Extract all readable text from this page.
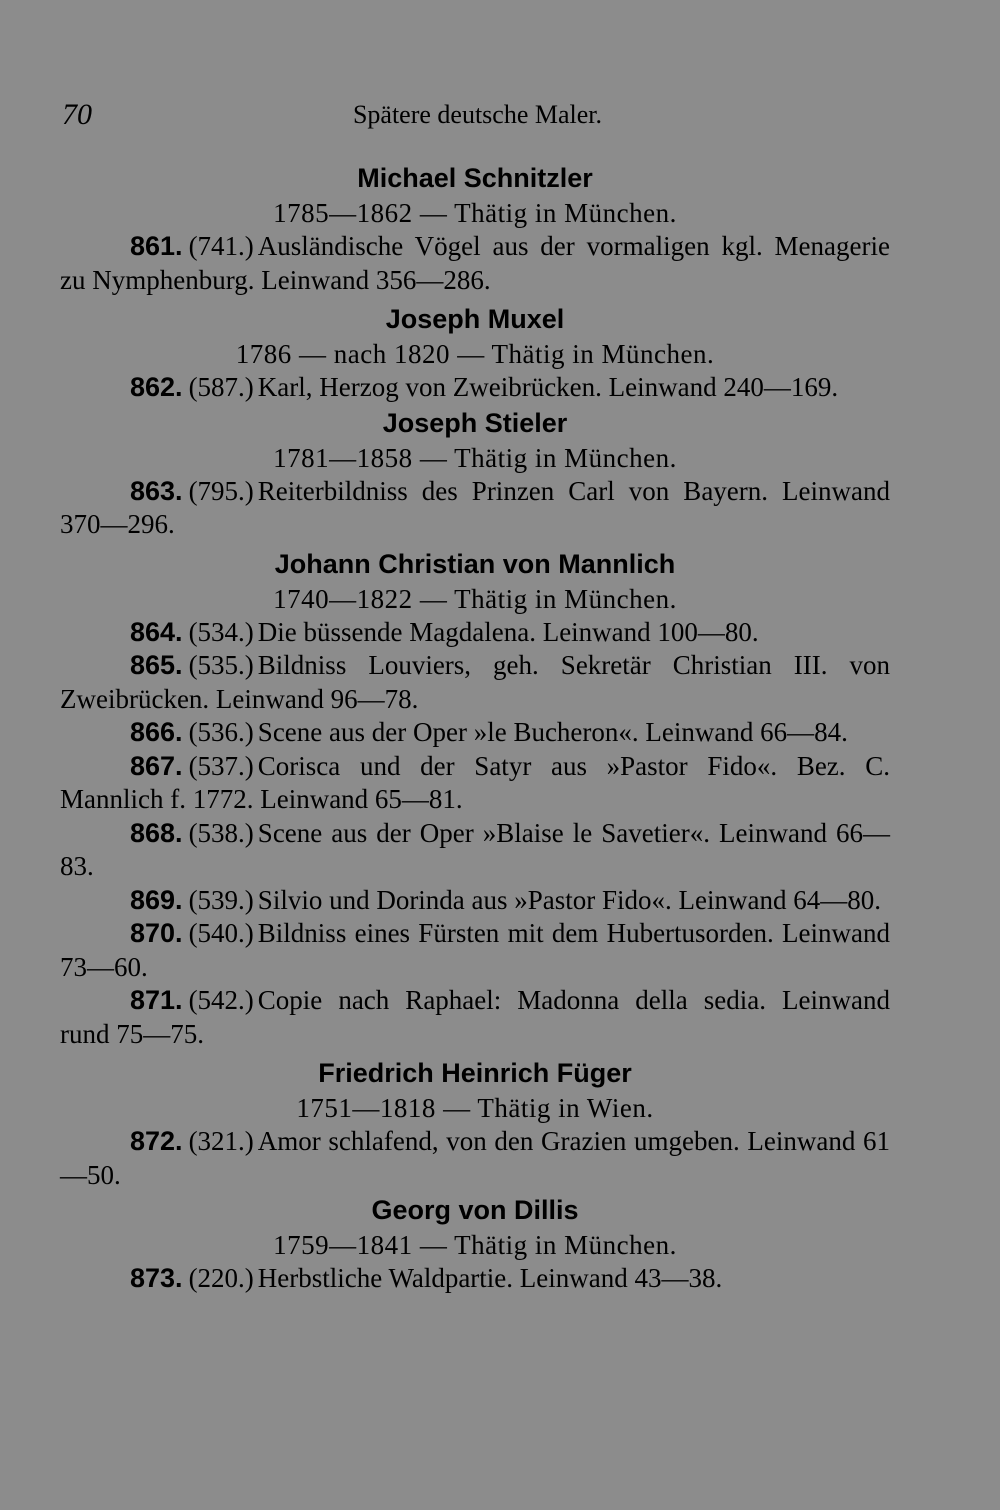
70	Spätere deutsche Maler.
Michael Schnitzler
1785—1862 — Thätig in München.
861. (741.) Ausländische Vögel aus der vormaligen kgl. Menagerie zu Nymphenburg. Leinwand 356—286.
Joseph Muxel
1786 — nach 1820 — Thätig in München.
862. (587.) Karl, Herzog von Zweibrücken. Leinwand 240—169.
Joseph Stieler
1781—1858 — Thätig in München.
863. (795.) Reiterbildniss des Prinzen Carl von Bayern. Leinwand 370—296.
Johann Christian von Mannlich
1740—1822 — Thätig in München.
864. (534.) Die büssende Magdalena. Leinwand 100—80.
865. (535.) Bildniss Louviers, geh. Sekretär Christian III. von Zweibrücken. Leinwand 96—78.
866. (536.) Scene aus der Oper »le Bucheron«. Leinwand 66—84.
867. (537.) Corisca und der Satyr aus »Pastor Fido«. Bez. C. Mannlich f. 1772. Leinwand 65—81.
868. (538.) Scene aus der Oper »Blaise le Savetier«. Leinwand 66—83.
869. (539.) Silvio und Dorinda aus »Pastor Fido«. Leinwand 64—80.
870. (540.) Bildniss eines Fürsten mit dem Hubertusorden. Leinwand 73—60.
871. (542.) Copie nach Raphael: Madonna della sedia. Leinwand rund 75—75.
Friedrich Heinrich Füger
1751—1818 — Thätig in Wien.
872. (321.) Amor schlafend, von den Grazien umgeben. Leinwand 61—50.
Georg von Dillis
1759—1841 — Thätig in München.
873. (220.) Herbstliche Waldpartie. Leinwand 43—38.
